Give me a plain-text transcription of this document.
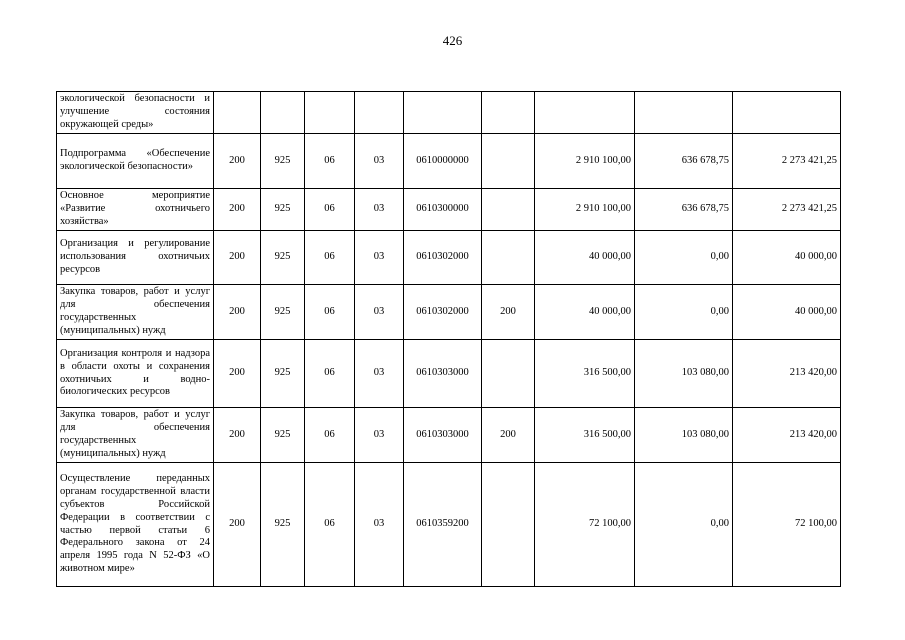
426
экологической безопасности и улучшение состояния окружающей среды»									
Подпрограмма «Обеспечение экологической безопасности»	200	925	06	03	0610000000		2 910 100,00	636 678,75	2 273 421,25
Основное мероприятие «Развитие охотничьего хозяйства»	200	925	06	03	0610300000		2 910 100,00	636 678,75	2 273 421,25
Организация и регулирование использования охотничьих ресурсов	200	925	06	03	0610302000		40 000,00	0,00	40 000,00
Закупка товаров, работ и услуг для обеспечения государственных (муниципальных) нужд	200	925	06	03	0610302000	200	40 000,00	0,00	40 000,00
Организация контроля и надзора в области охоты и сохранения охотничьих и водно-биологических ресурсов	200	925	06	03	0610303000		316 500,00	103 080,00	213 420,00
Закупка товаров, работ и услуг для обеспечения государственных (муниципальных) нужд	200	925	06	03	0610303000	200	316 500,00	103 080,00	213 420,00
Осуществление переданных органам государственной власти субъектов Российской Федерации в соответствии с частью первой статьи 6 Федерального закона от 24 апреля 1995 года N 52-ФЗ «О животном мире»	200	925	06	03	0610359200		72 100,00	0,00	72 100,00
